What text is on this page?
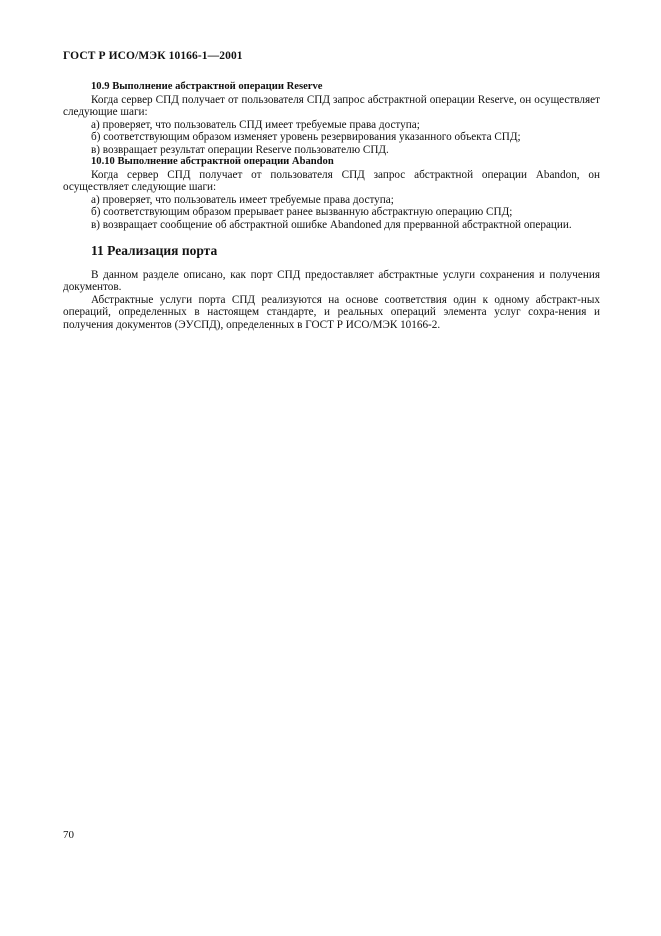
ГОСТ Р ИСО/МЭК 10166-1—2001

10.9 Выполнение абстрактной операции Reserve

Когда сервер СПД получает от пользователя СПД запрос абстрактной операции Reserve, он осуществляет следующие шаги:

а) проверяет, что пользователь СПД имеет требуемые права доступа;

б) соответствующим образом изменяет уровень резервирования указанного объекта СПД;

в) возвращает результат операции Reserve пользователю СПД.

10.10 Выполнение абстрактной операции Abandon

Когда сервер СПД получает от пользователя СПД запрос абстрактной операции Abandon, он осуществляет следующие шаги:

а) проверяет, что пользователь имеет требуемые права доступа;

б) соответствующим образом прерывает ранее вызванную абстрактную операцию СПД;

в) возвращает сообщение об абстрактной ошибке Abandoned для прерванной абстрактной операции.

11 Реализация порта

В данном разделе описано, как порт СПД предоставляет абстрактные услуги сохранения и получения документов.

Абстрактные услуги порта СПД реализуются на основе соответствия один к одному абстракт-ных операций, определенных в настоящем стандарте, и реальных операций элемента услуг сохра-нения и получения документов (ЭУСПД), определенных в ГОСТ Р ИСО/МЭК 10166-2.

70
